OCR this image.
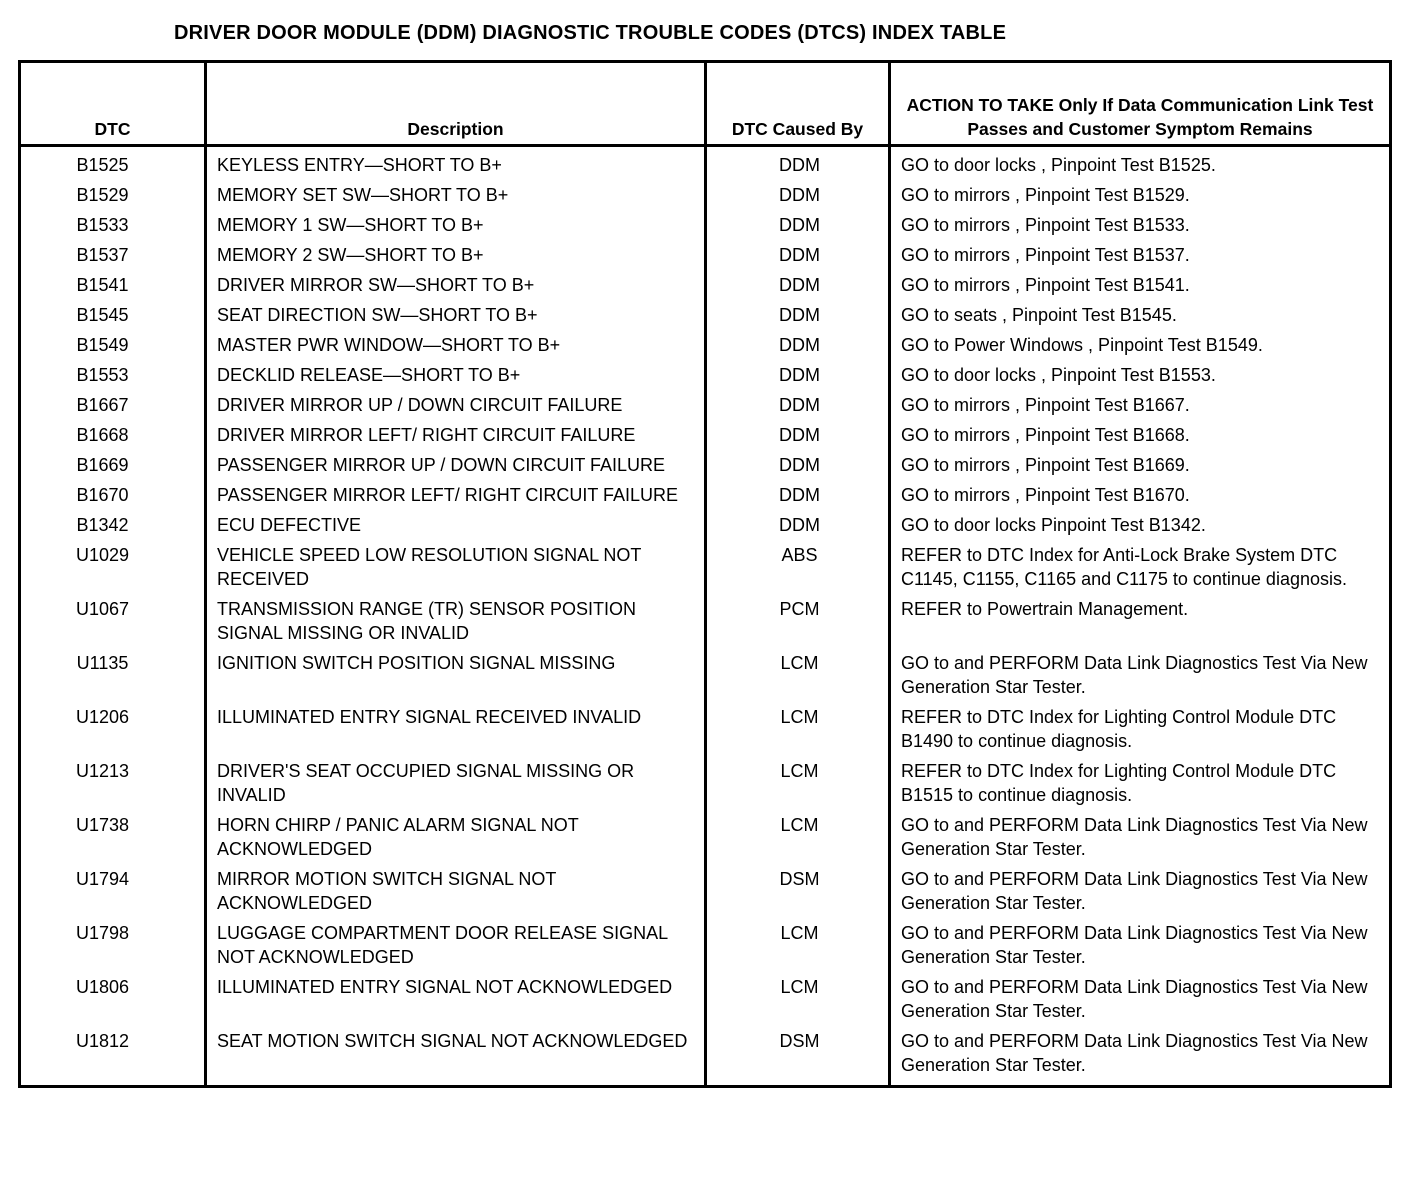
DRIVER DOOR MODULE (DDM) DIAGNOSTIC TROUBLE CODES (DTCS) INDEX TABLE
DTC	Description	DTC Caused By	ACTION TO TAKE Only If Data Communication Link Test Passes and Customer Symptom Remains
B1525	KEYLESS ENTRY—SHORT TO B+	DDM	GO to door locks , Pinpoint Test B1525.
B1529	MEMORY SET SW—SHORT TO B+	DDM	GO to mirrors , Pinpoint Test B1529.
B1533	MEMORY 1 SW—SHORT TO B+	DDM	GO to mirrors , Pinpoint Test B1533.
B1537	MEMORY 2 SW—SHORT TO B+	DDM	GO to mirrors , Pinpoint Test B1537.
B1541	DRIVER MIRROR SW—SHORT TO B+	DDM	GO to mirrors , Pinpoint Test B1541.
B1545	SEAT DIRECTION SW—SHORT TO B+	DDM	GO to seats , Pinpoint Test B1545.
B1549	MASTER PWR WINDOW—SHORT TO B+	DDM	GO to Power Windows , Pinpoint Test B1549.
B1553	DECKLID RELEASE—SHORT TO B+	DDM	GO to door locks , Pinpoint Test B1553.
B1667	DRIVER MIRROR UP / DOWN CIRCUIT FAILURE	DDM	GO to mirrors , Pinpoint Test B1667.
B1668	DRIVER MIRROR LEFT/ RIGHT CIRCUIT FAILURE	DDM	GO to mirrors , Pinpoint Test B1668.
B1669	PASSENGER MIRROR UP / DOWN CIRCUIT FAILURE	DDM	GO to mirrors , Pinpoint Test B1669.
B1670	PASSENGER MIRROR LEFT/ RIGHT CIRCUIT FAILURE	DDM	GO to mirrors , Pinpoint Test B1670.
B1342	ECU DEFECTIVE	DDM	GO to door locks Pinpoint Test B1342.
U1029	VEHICLE SPEED LOW RESOLUTION SIGNAL NOT RECEIVED	ABS	REFER to DTC Index for Anti-Lock Brake System DTC C1145, C1155, C1165 and C1175 to continue diagnosis.
U1067	TRANSMISSION RANGE (TR) SENSOR POSITION SIGNAL MISSING OR INVALID	PCM	REFER to Powertrain Management.
U1135	IGNITION SWITCH POSITION SIGNAL MISSING	LCM	GO to and PERFORM Data Link Diagnostics Test Via New Generation Star Tester.
U1206	ILLUMINATED ENTRY SIGNAL RECEIVED INVALID	LCM	REFER to DTC Index for Lighting Control Module DTC B1490 to continue diagnosis.
U1213	DRIVER'S SEAT OCCUPIED SIGNAL MISSING OR INVALID	LCM	REFER to DTC Index for Lighting Control Module DTC B1515 to continue diagnosis.
U1738	HORN CHIRP / PANIC ALARM SIGNAL NOT ACKNOWLEDGED	LCM	GO to and PERFORM Data Link Diagnostics Test Via New Generation Star Tester.
U1794	MIRROR MOTION SWITCH SIGNAL NOT ACKNOWLEDGED	DSM	GO to and PERFORM Data Link Diagnostics Test Via New Generation Star Tester.
U1798	LUGGAGE COMPARTMENT DOOR RELEASE SIGNAL NOT ACKNOWLEDGED	LCM	GO to and PERFORM Data Link Diagnostics Test Via New Generation Star Tester.
U1806	ILLUMINATED ENTRY SIGNAL NOT ACKNOWLEDGED	LCM	GO to and PERFORM Data Link Diagnostics Test Via New Generation Star Tester.
U1812	SEAT MOTION SWITCH SIGNAL NOT ACKNOWLEDGED	DSM	GO to and PERFORM Data Link Diagnostics Test Via New Generation Star Tester.
